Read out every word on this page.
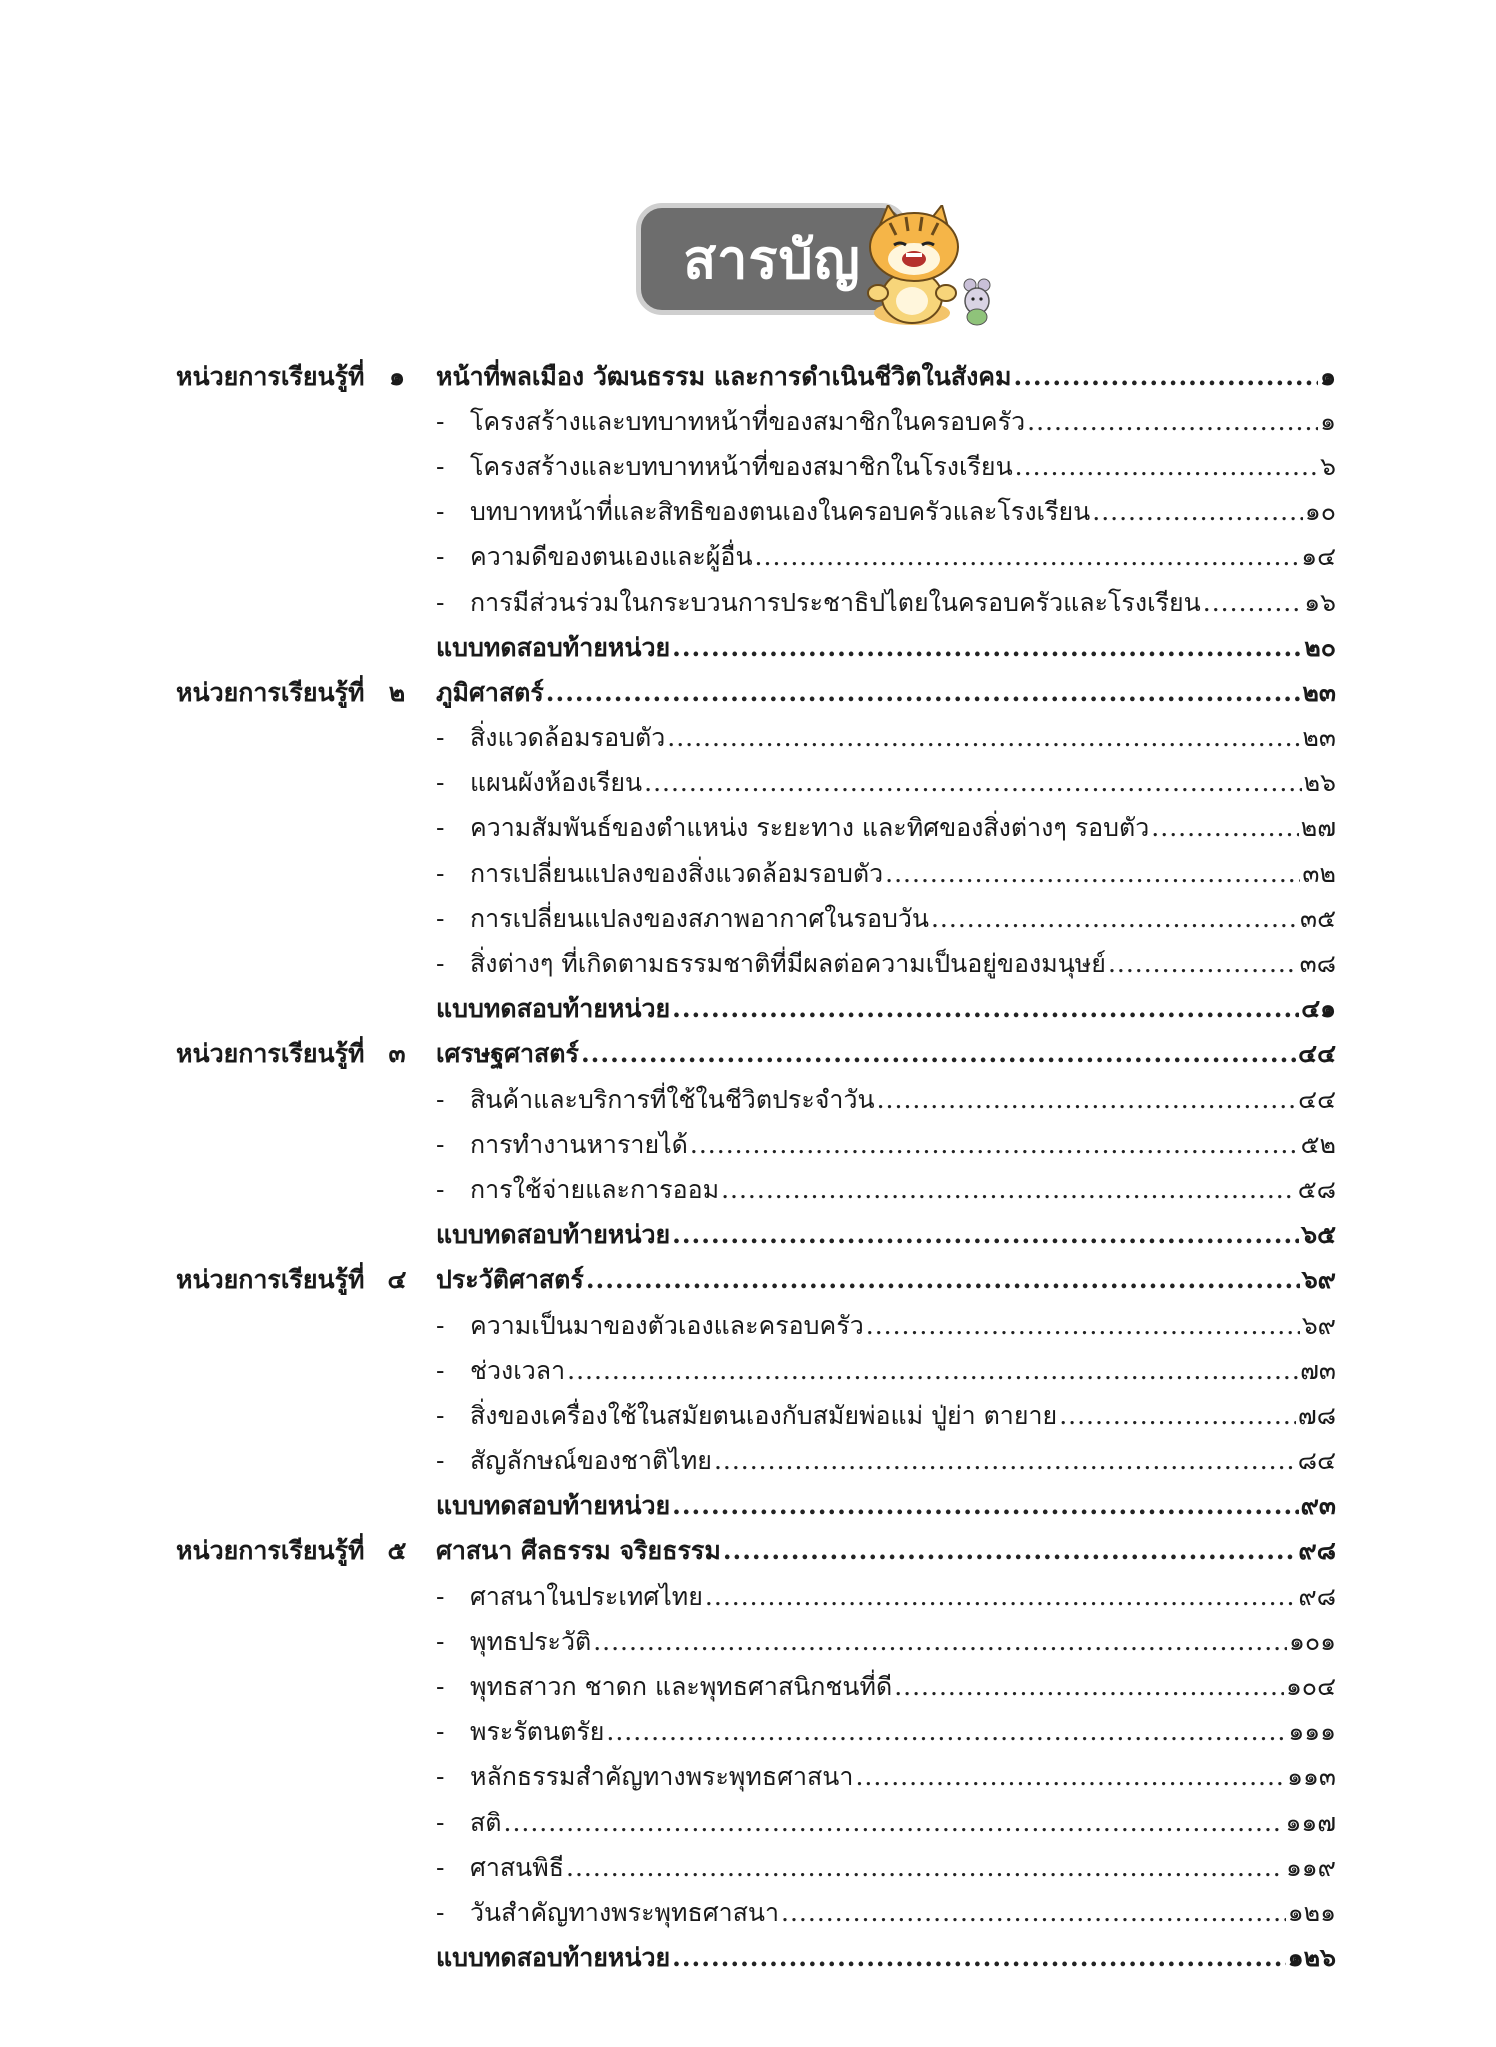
สารบัญ
หน่วยการเรียนรู้ที่ ๑ หน้าที่พลเมือง วัฒนธรรม และการดำเนินชีวิตในสังคม .....	๑
-	โครงสร้างและบทบาทหน้าที่ของสมาชิกในครอบครัว .....	๑
-	โครงสร้างและบทบาทหน้าที่ของสมาชิกในโรงเรียน .....	๖
-	บทบาทหน้าที่และสิทธิของตนเองในครอบครัวและโรงเรียน .....	๑๐
-	ความดีของตนเองและผู้อื่น .....	๑๔
-	การมีส่วนร่วมในกระบวนการประชาธิปไตยในครอบครัวและโรงเรียน .....	๑๖
แบบทดสอบท้ายหน่วย .....	๒๐
หน่วยการเรียนรู้ที่ ๒ ภูมิศาสตร์ .....	๒๓
-	สิ่งแวดล้อมรอบตัว .....	๒๓
-	แผนผังห้องเรียน .....	๒๖
-	ความสัมพันธ์ของตำแหน่ง ระยะทาง และทิศของสิ่งต่างๆ รอบตัว .....	๒๗
-	การเปลี่ยนแปลงของสิ่งแวดล้อมรอบตัว .....	๓๒
-	การเปลี่ยนแปลงของสภาพอากาศในรอบวัน .....	๓๕
-	สิ่งต่างๆ ที่เกิดตามธรรมชาติที่มีผลต่อความเป็นอยู่ของมนุษย์ .....	๓๘
แบบทดสอบท้ายหน่วย .....	๔๑
หน่วยการเรียนรู้ที่ ๓ เศรษฐศาสตร์ .....	๔๔
-	สินค้าและบริการที่ใช้ในชีวิตประจำวัน .....	๔๔
-	การทำงานหารายได้ .....	๕๒
-	การใช้จ่ายและการออม .....	๕๘
แบบทดสอบท้ายหน่วย .....	๖๕
หน่วยการเรียนรู้ที่ ๔ ประวัติศาสตร์ .....	๖๙
-	ความเป็นมาของตัวเองและครอบครัว .....	๖๙
-	ช่วงเวลา .....	๗๓
-	สิ่งของเครื่องใช้ในสมัยตนเองกับสมัยพ่อแม่ ปู่ย่า ตายาย .....	๗๘
-	สัญลักษณ์ของชาติไทย .....	๘๔
แบบทดสอบท้ายหน่วย .....	๙๓
หน่วยการเรียนรู้ที่ ๕ ศาสนา ศีลธรรม จริยธรรม .....	๙๘
-	ศาสนาในประเทศไทย .....	๙๘
-	พุทธประวัติ .....	๑๐๑
-	พุทธสาวก ชาดก และพุทธศาสนิกชนที่ดี .....	๑๐๔
-	พระรัตนตรัย .....	๑๑๑
-	หลักธรรมสำคัญทางพระพุทธศาสนา .....	๑๑๓
-	สติ .....	๑๑๗
-	ศาสนพิธี .....	๑๑๙
-	วันสำคัญทางพระพุทธศาสนา .....	๑๒๑
แบบทดสอบท้ายหน่วย .....	๑๒๖
